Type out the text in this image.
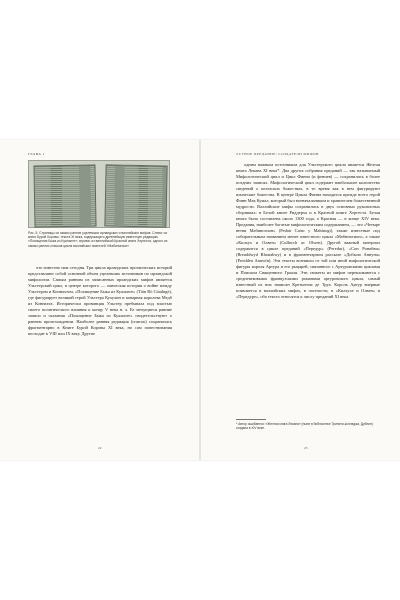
ГЛАВА 1
Рис. 5. Страницы из самых ранних уцелевших ирландских и валлийских мифов. Слева: из книги Бурой Коровы, текста XI века, содержащего древнейшую известную редакцию «Похищения Быка из Куальнге»; справа: из валлийской Красной книги Хергеста, одного из самых ранних списков цикла валлийских повестей «Мабиногион».

что известно нам сегодня. Три цикла ирландских прозаических историй представляют собой основной объем уцелевших источников по ирландской мифологии. Самым ранним из записанных ирландских мифов является Ульстерский цикл, в центре которого — эпическая история о войне между Ульстером и Коннахтом, «Похищение Быка из Куальнге» (Táin Bó Cúailnge), где фигурирует великий герой Ульстера Кухулин и коварная королева Медб из Коннахта. Исторически провинция Ульстер пребывала под властью своего политического влияния к концу V века н. э. Ее мечущиеся ранние записи и сказания «Похищение Быка из Куальнге» свидетельствуют о раннем происхождении. Наиболее ранняя редакция (список) сохранилась фрагментарно в Книге Бурой Коровы XI века, но сам повествования восходит к VIII или IX веку. Другие

22
УСТНОЕ ПРЕДАНИЕ: СОЗДАТЕЛИ МИФОВ

одним важным источником для Ульстерского цикла является Желтая книга Лекана XI века*. Два других собрания преданий — так называемый Мифологический цикл и Цикл Финна (и фениев) — сохранились в более поздних записях. Мифологический цикл содержит наибольшее количество сведений о кельтских божествах, в то время как в нем фигурируют языческие божества. В центре Цикла Финна находится прежде всего герой Финн Мак Кумал, который был военачальником и хранителем божественной мудрости. Валлийские мифы сохранились в двух основных рукописных сборниках: в Белой книге Риддерха и в Красной книге Хергеста. Белая книга была составлена около 1300 года, а Красная — в конце XIV века. Предания, наиболее богатые мифологическим содержанием, — это «Четыре ветви Мабиногион» (Pedair Cainc y Mabinogi), также известные под собирательным названием менее известного цикла «Мабиногион», а также «Килхух и Олвен» (Culhwch ac Olwen). Другой важный материал содержится в цикле преданий «Передур» (Peredur), «Сон Ронабви» (Breuddwyd Rhonabwy) и в фрагментарном рассказе «Добыча Аннуна» (Preiddeu Annwfn). Эти тексты возникли от той или иной мифологической фигуры короля Артура и его рыцарей, связанного с Артуровскими циклами и Поиском Священного Грааля. Эти сюжеты из мифов перекликаются с средневековыми французскими романами артуровского цикла, самый известный из них написан Кретьеном де Труа. Король Артур впервые появляется в валлийских мифах, в частности, в «Килхухе и Олвен» и «Передуре», оба текста относятся к числу преданий XI века.

* Автор ошибается: «Желтая книга Лекана» (ныне в библиотеке Тринити-колледжа, Дублин) создана в XIV веке.
23
